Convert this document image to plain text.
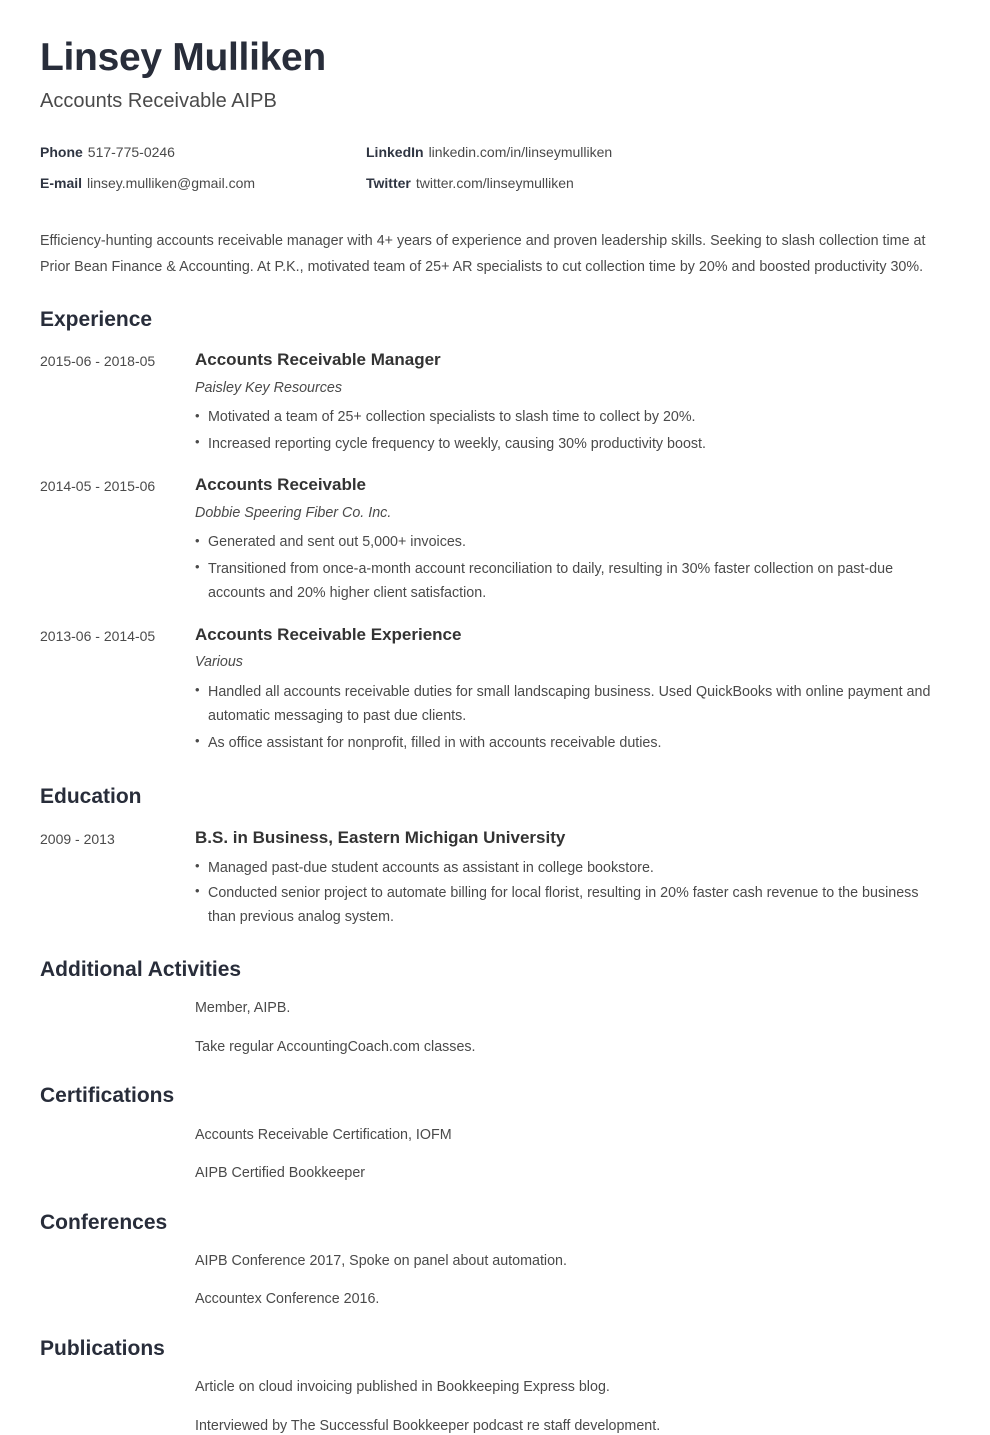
Linsey Mulliken
Accounts Receivable AIPB
Phone 517-775-0246	LinkedIn linkedin.com/in/linseymulliken
E-mail linsey.mulliken@gmail.com	Twitter twitter.com/linseymulliken

Efficiency-hunting accounts receivable manager with 4+ years of experience and proven leadership skills. Seeking to slash collection time at Prior Bean Finance & Accounting. At P.K., motivated team of 25+ AR specialists to cut collection time by 20% and boosted productivity 30%.

Experience
2015-06 - 2018-05	Accounts Receivable Manager
Paisley Key Resources
• Motivated a team of 25+ collection specialists to slash time to collect by 20%.
• Increased reporting cycle frequency to weekly, causing 30% productivity boost.
2014-05 - 2015-06	Accounts Receivable
Dobbie Speering Fiber Co. Inc.
• Generated and sent out 5,000+ invoices.
• Transitioned from once-a-month account reconciliation to daily, resulting in 30% faster collection on past-due accounts and 20% higher client satisfaction.
2013-06 - 2014-05	Accounts Receivable Experience
Various
• Handled all accounts receivable duties for small landscaping business. Used QuickBooks with online payment and automatic messaging to past due clients.
• As office assistant for nonprofit, filled in with accounts receivable duties.
Education
2009 - 2013	B.S. in Business, Eastern Michigan University
• Managed past-due student accounts as assistant in college bookstore.
• Conducted senior project to automate billing for local florist, resulting in 20% faster cash revenue to the business than previous analog system.
Additional Activities
Member, AIPB.
Take regular AccountingCoach.com classes.
Certifications
Accounts Receivable Certification, IOFM
AIPB Certified Bookkeeper
Conferences
AIPB Conference 2017, Spoke on panel about automation.
Accountex Conference 2016.
Publications
Article on cloud invoicing published in Bookkeeping Express blog.
Interviewed by The Successful Bookkeeper podcast re staff development.
